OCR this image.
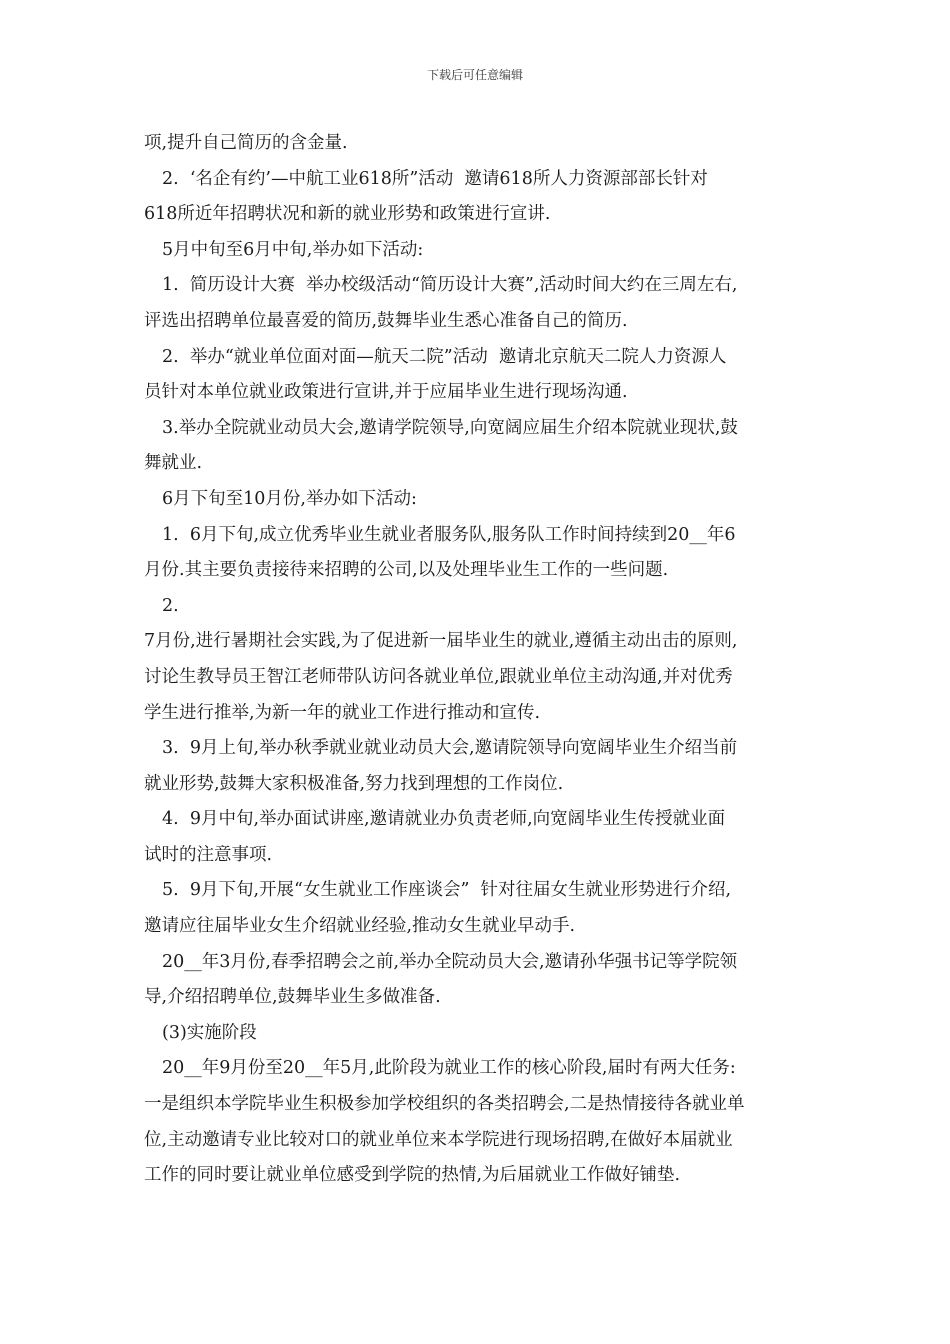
下载后可任意编辑
项,提升自己简历的含金量.
2.  ‘名企有约’—中航工业618所”活动  邀请618所人力资源部部长针对
618所近年招聘状况和新的就业形势和政策进行宣讲.
5月中旬至6月中旬,举办如下活动:
1.  简历设计大赛  举办校级活动“简历设计大赛”,活动时间大约在三周左右,
评选出招聘单位最喜爱的简历,鼓舞毕业生悉心准备自己的简历.
2.  举办“就业单位面对面—航天二院”活动  邀请北京航天二院人力资源人
员针对本单位就业政策进行宣讲,并于应届毕业生进行现场沟通.
3.举办全院就业动员大会,邀请学院领导,向宽阔应届生介绍本院就业现状,鼓
舞就业.
6月下旬至10月份,举办如下活动:
1.  6月下旬,成立优秀毕业生就业者服务队,服务队工作时间持续到20__年6
月份.其主要负责接待来招聘的公司,以及处理毕业生工作的一些问题.
2.
7月份,进行暑期社会实践,为了促进新一届毕业生的就业,遵循主动出击的原则,
讨论生教导员王智江老师带队访问各就业单位,跟就业单位主动沟通,并对优秀
学生进行推举,为新一年的就业工作进行推动和宣传.
3.  9月上旬,举办秋季就业就业动员大会,邀请院领导向宽阔毕业生介绍当前
就业形势,鼓舞大家积极准备,努力找到理想的工作岗位.
4.  9月中旬,举办面试讲座,邀请就业办负责老师,向宽阔毕业生传授就业面
试时的注意事项.
5.  9月下旬,开展“女生就业工作座谈会”  针对往届女生就业形势进行介绍,
邀请应往届毕业女生介绍就业经验,推动女生就业早动手.
20__年3月份,春季招聘会之前,举办全院动员大会,邀请孙华强书记等学院领
导,介绍招聘单位,鼓舞毕业生多做准备.
(3)实施阶段
20__年9月份至20__年5月,此阶段为就业工作的核心阶段,届时有两大任务:
一是组织本学院毕业生积极参加学校组织的各类招聘会,二是热情接待各就业单
位,主动邀请专业比较对口的就业单位来本学院进行现场招聘,在做好本届就业
工作的同时要让就业单位感受到学院的热情,为后届就业工作做好铺垫.
